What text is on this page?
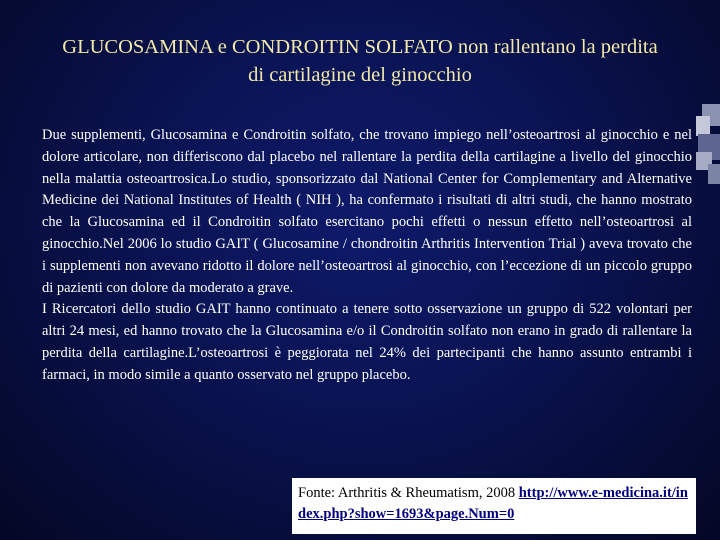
GLUCOSAMINA e CONDROITIN SOLFATO non rallentano la perdita di cartilagine del ginocchio

Due supplementi, Glucosamina e Condroitin solfato, che trovano impiego nell’osteoartrosi al ginocchio e nel dolore articolare, non differiscono dal placebo nel rallentare la perdita della cartilagine a livello del ginocchio nella malattia osteoartrosica.Lo studio, sponsorizzato dal National Center for Complementary and Alternative Medicine dei National Institutes of Health ( NIH ), ha confermato i risultati di altri studi, che hanno mostrato che la Glucosamina ed il Condroitin solfato esercitano pochi effetti o nessun effetto nell’osteoartrosi al ginocchio.Nel 2006 lo studio GAIT ( Glucosamine / chondroitin Arthritis Intervention Trial ) aveva trovato che i supplementi non avevano ridotto il dolore nell’osteoartrosi al ginocchio, con l’eccezione di un piccolo gruppo di pazienti con dolore da moderato a grave.

I Ricercatori dello studio GAIT hanno continuato a tenere sotto osservazione un gruppo di 522 volontari per altri 24 mesi, ed hanno trovato che la Glucosamina e/o il Condroitin solfato non erano in grado di rallentare la perdita della cartilagine.L’osteoartrosi è peggiorata nel 24% dei partecipanti che hanno assunto entrambi i farmaci, in modo simile a quanto osservato nel gruppo placebo.

Fonte: Arthritis & Rheumatism, 2008 http://www.e-medicina.it/index.php?show=1693&page.Num=0
